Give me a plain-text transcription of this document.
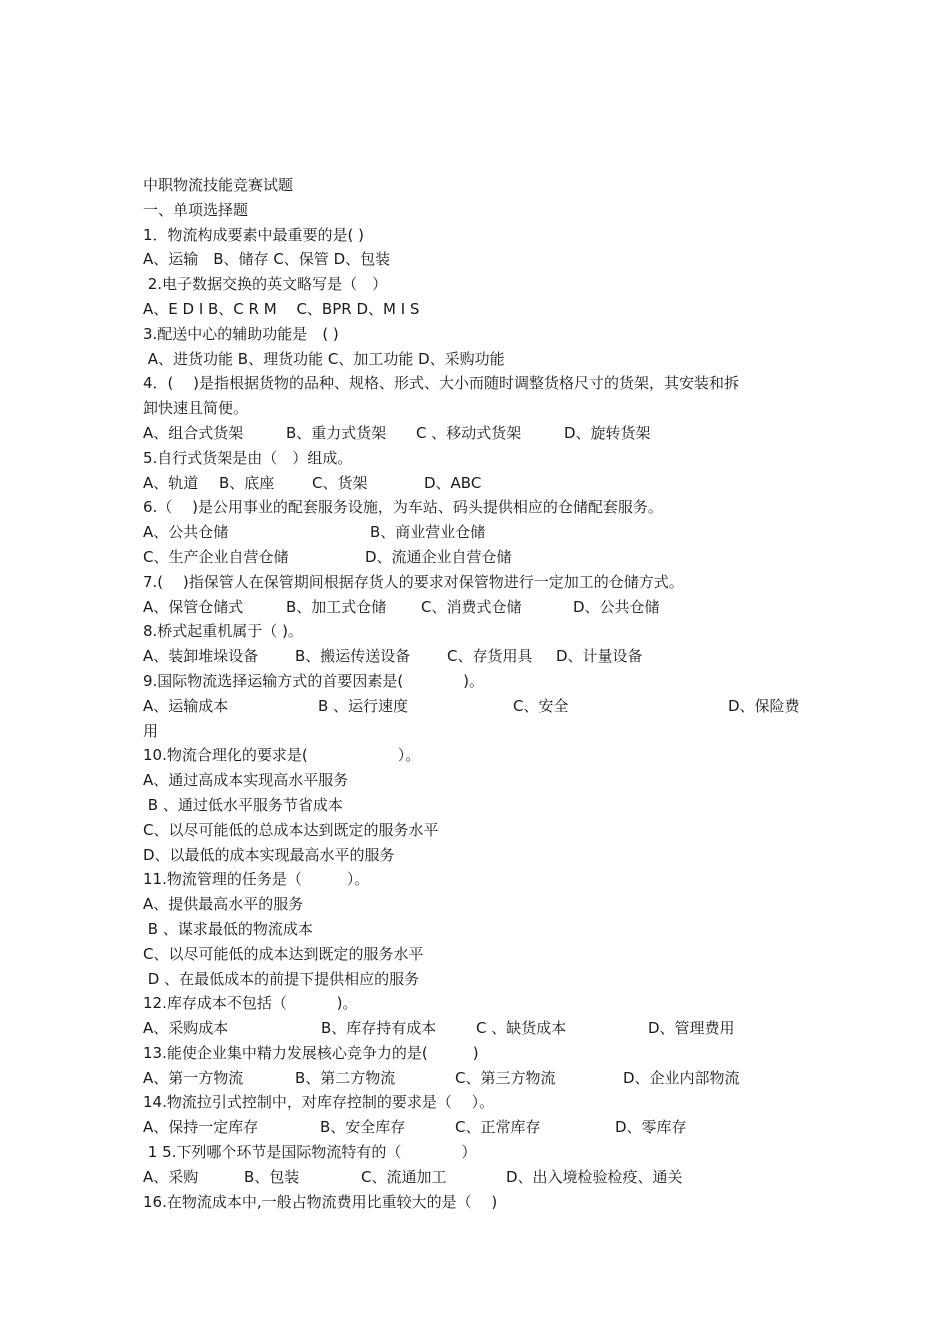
中职物流技能竞赛试题
一、单项选择题
1．物流构成要素中最重要的是( )
A、运输　B、储存 C、保管 D、包装
2.电子数据交换的英文略写是（　）
A、E D I B、C R M　 C、BPR D、M I S
3.配送中心的辅助功能是　( )
A、进货功能 B、理货功能 C、加工功能 D、采购功能
4．(　 )是指根据货物的品种、规格、形式、大小而随时调整货格尺寸的货架，其安装和拆
卸快速且简便。
A、组合式货架	B、重力式货架 C 、移动式货架	D、旋转货架
5.自行式货架是由（　）组成。
A、轨道 B、底座	C、货架	D、ABC
6.（　 )是公用事业的配套服务设施，为车站、码头提供相应的仓储配套服务。
A、公共仓储	B、商业营业仓储
C、生产企业自营仓储	D、流通企业自营仓储
7.(　 )指保管人在保管期间根据存货人的要求对保管物进行一定加工的仓储方式。
A、保管仓储式	B、加工式仓储 C、消费式仓储	D、公共仓储
8.桥式起重机属于（ )。
A、装卸堆垛设备 B、搬运传送设备 C、存货用具 D、计量设备
9.国际物流选择运输方式的首要因素是(　　　　)。
A、运输成本	B 、运行速度	C、安全	D、保险费
用
10.物流合理化的要求是(　　　　　　）。
A、通过高成本实现高水平服务
B 、通过低水平服务节省成本
C、以尽可能低的总成本达到既定的服务水平
D、以最低的成本实现最高水平的服务
11.物流管理的任务是（　　　）。
A、提供最高水平的服务
B 、谋求最低的物流成本
C、以尽可能低的成本达到既定的服务水平
D 、在最低成本的前提下提供相应的服务
12.库存成本不包括（　　　 )。
A、采购成本	B、库存持有成本	C 、缺货成本	D、管理费用
13.能使企业集中精力发展核心竞争力的是(　　　)
A、第一方物流	B、第二方物流	C、第三方物流	D、企业内部物流
14.物流拉引式控制中，对库存控制的要求是（　 ）。
A、保持一定库存	B、安全库存	C、正常库存	D、零库存
1 5.下列哪个环节是国际物流特有的（　　　　）
A、采购	B、包装	C、流通加工	D、出入境检验检疫、通关
16.在物流成本中,一般占物流费用比重较大的是（　 )
